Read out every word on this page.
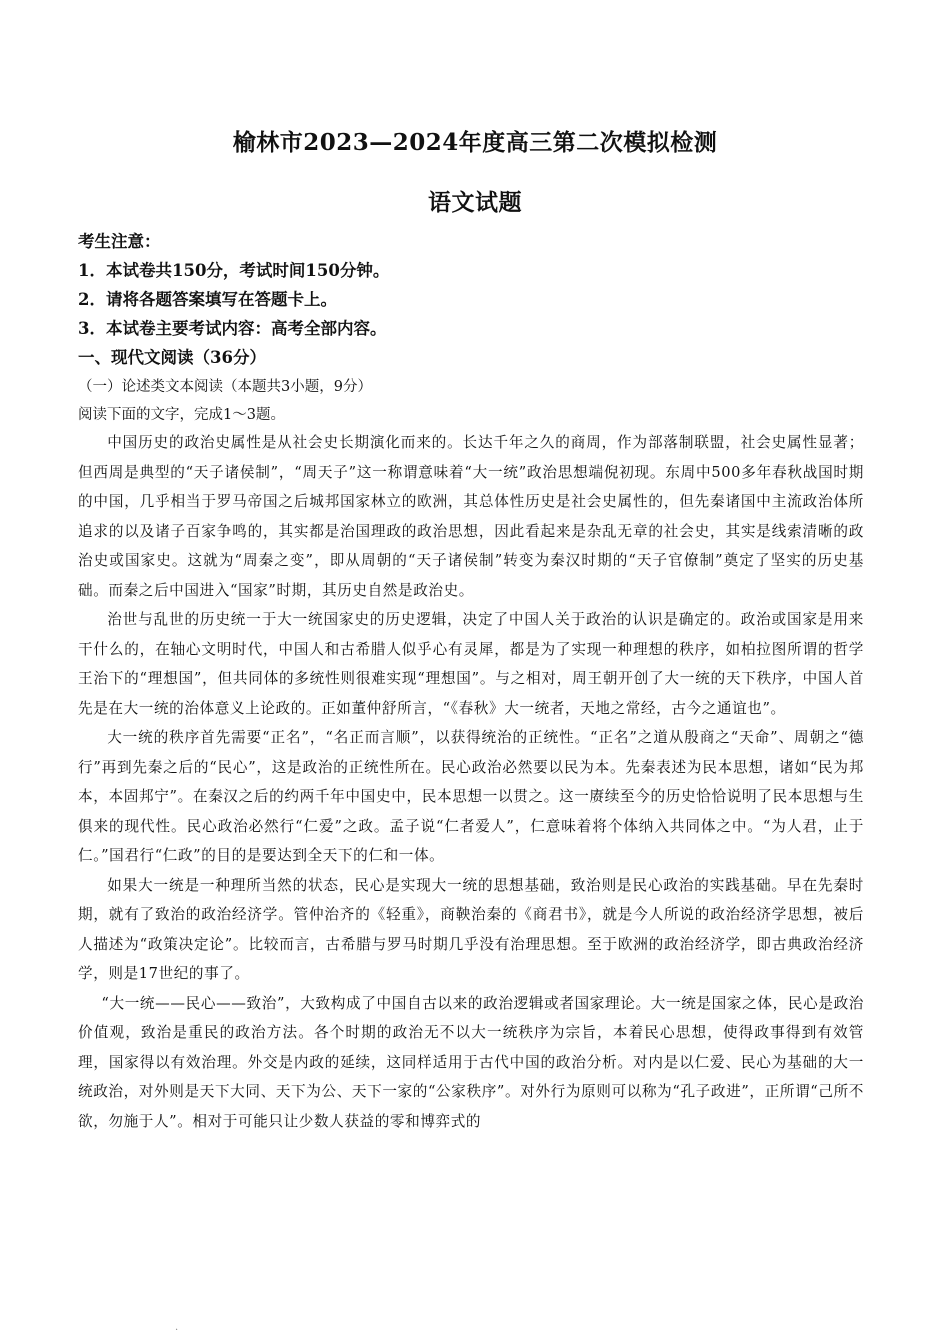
榆林市2023—2024年度高三第二次模拟检测
语文试题
考生注意：
1．本试卷共150分，考试时间150分钟。
2．请将各题答案填写在答题卡上。
3．本试卷主要考试内容：高考全部内容。
一、现代文阅读（36分）
（一）论述类文本阅读（本题共3小题，9分）
阅读下面的文字，完成1～3题。

中国历史的政治史属性是从社会史长期演化而来的。长达千年之久的商周，作为部落制联盟，社会史属性显著；但西周是典型的“天子诸侯制”，“周天子”这一称谓意味着“大一统”政治思想端倪初现。东周中500多年春秋战国时期的中国，几乎相当于罗马帝国之后城邦国家林立的欧洲，其总体性历史是社会史属性的，但先秦诸国中主流政治体所追求的以及诸子百家争鸣的，其实都是治国理政的政治思想，因此看起来是杂乱无章的社会史，其实是线索清晰的政治史或国家史。这就为“周秦之变”，即从周朝的“天子诸侯制”转变为秦汉时期的“天子官僚制”奠定了坚实的历史基础。而秦之后中国进入“国家”时期，其历史自然是政治史。

治世与乱世的历史统一于大一统国家史的历史逻辑，决定了中国人关于政治的认识是确定的。政治或国家是用来干什么的，在轴心文明时代，中国人和古希腊人似乎心有灵犀，都是为了实现一种理想的秩序，如柏拉图所谓的哲学王治下的“理想国”，但共同体的多统性则很难实现“理想国”。与之相对，周王朝开创了大一统的天下秩序，中国人首先是在大一统的治体意义上论政的。正如董仲舒所言，“《春秋》大一统者，天地之常经，古今之通谊也”。

大一统的秩序首先需要“正名”，“名正而言顺”，以获得统治的正统性。“正名”之道从殷商之“天命”、周朝之“德行”再到先秦之后的“民心”，这是政治的正统性所在。民心政治必然要以民为本。先秦表述为民本思想，诸如“民为邦本，本固邦宁”。在秦汉之后的约两千年中国史中，民本思想一以贯之。这一赓续至今的历史恰恰说明了民本思想与生俱来的现代性。民心政治必然行“仁爱”之政。孟子说“仁者爱人”，仁意味着将个体纳入共同体之中。“为人君，止于仁。”国君行“仁政”的目的是要达到全天下的仁和一体。

如果大一统是一种理所当然的状态，民心是实现大一统的思想基础，致治则是民心政治的实践基础。早在先秦时期，就有了致治的政治经济学。管仲治齐的《轻重》，商鞅治秦的《商君书》，就是今人所说的政治经济学思想，被后人描述为“政策决定论”。比较而言，古希腊与罗马时期几乎没有治理思想。至于欧洲的政治经济学，即古典政治经济学，则是17世纪的事了。

“大一统——民心——致治”，大致构成了中国自古以来的政治逻辑或者国家理论。大一统是国家之体，民心是政治价值观，致治是重民的政治方法。各个时期的政治无不以大一统秩序为宗旨，本着民心思想，使得政事得到有效管理，国家得以有效治理。外交是内政的延续，这同样适用于古代中国的政治分析。对内是以仁爱、民心为基础的大一统政治，对外则是天下大同、天下为公、天下一家的“公家秩序”。对外行为原则可以称为“孔子政进”，正所谓“己所不欲，勿施于人”。相对于可能只让少数人获益的零和博弈式的

.
